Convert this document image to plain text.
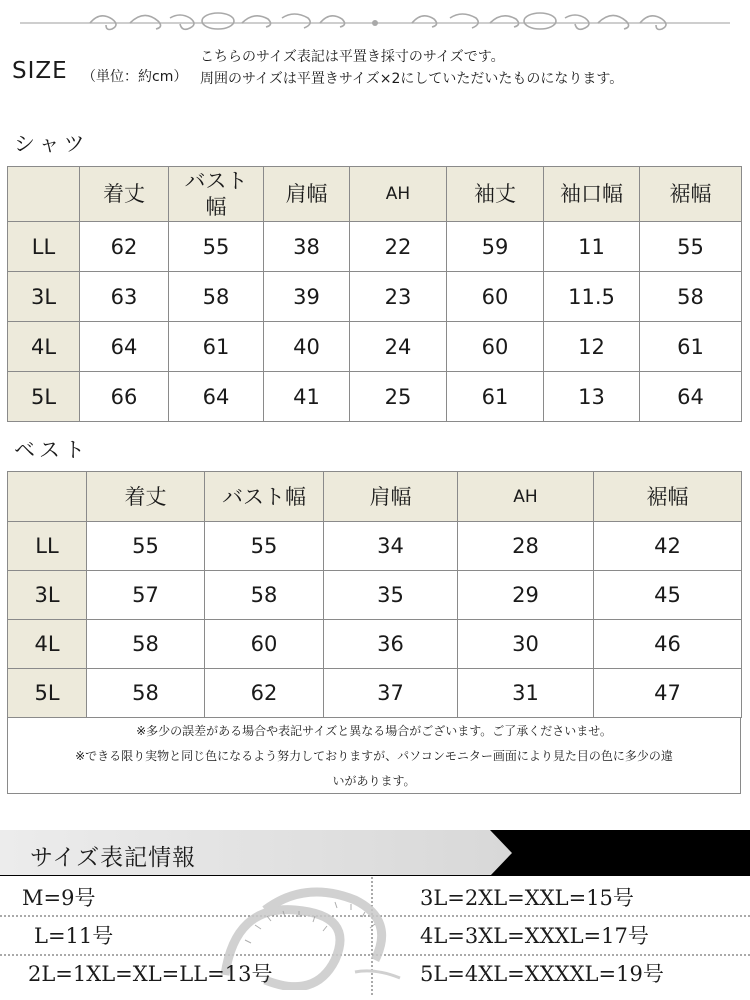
SIZE （単位：約cm）
こちらのサイズ表記は平置き採寸のサイズです。
周囲のサイズは平置きサイズ×2にしていただいたものになります。
シャツ
	着丈	バスト
幅	肩幅	AH	袖丈	袖口幅	裾幅
LL	62	55	38	22	59	11	55
3L	63	58	39	23	60	11.5	58
4L	64	61	40	24	60	12	61
5L	66	64	41	25	61	13	64
ベスト
	着丈	バスト幅	肩幅	AH	裾幅
LL	55	55	34	28	42
3L	57	58	35	29	45
4L	58	60	36	30	46
5L	58	62	37	31	47
※多少の誤差がある場合や表記サイズと異なる場合がございます。ご了承くださいませ。
※できる限り実物と同じ色になるよう努力しておりますが、パソコンモニター画面により見た目の色に多少の違
いがあります。
サイズ表記情報
M=9号
L=11号
2L=1XL=XL=LL=13号
3L=2XL=XXL=15号
4L=3XL=XXXL=17号
5L=4XL=XXXXL=19号
